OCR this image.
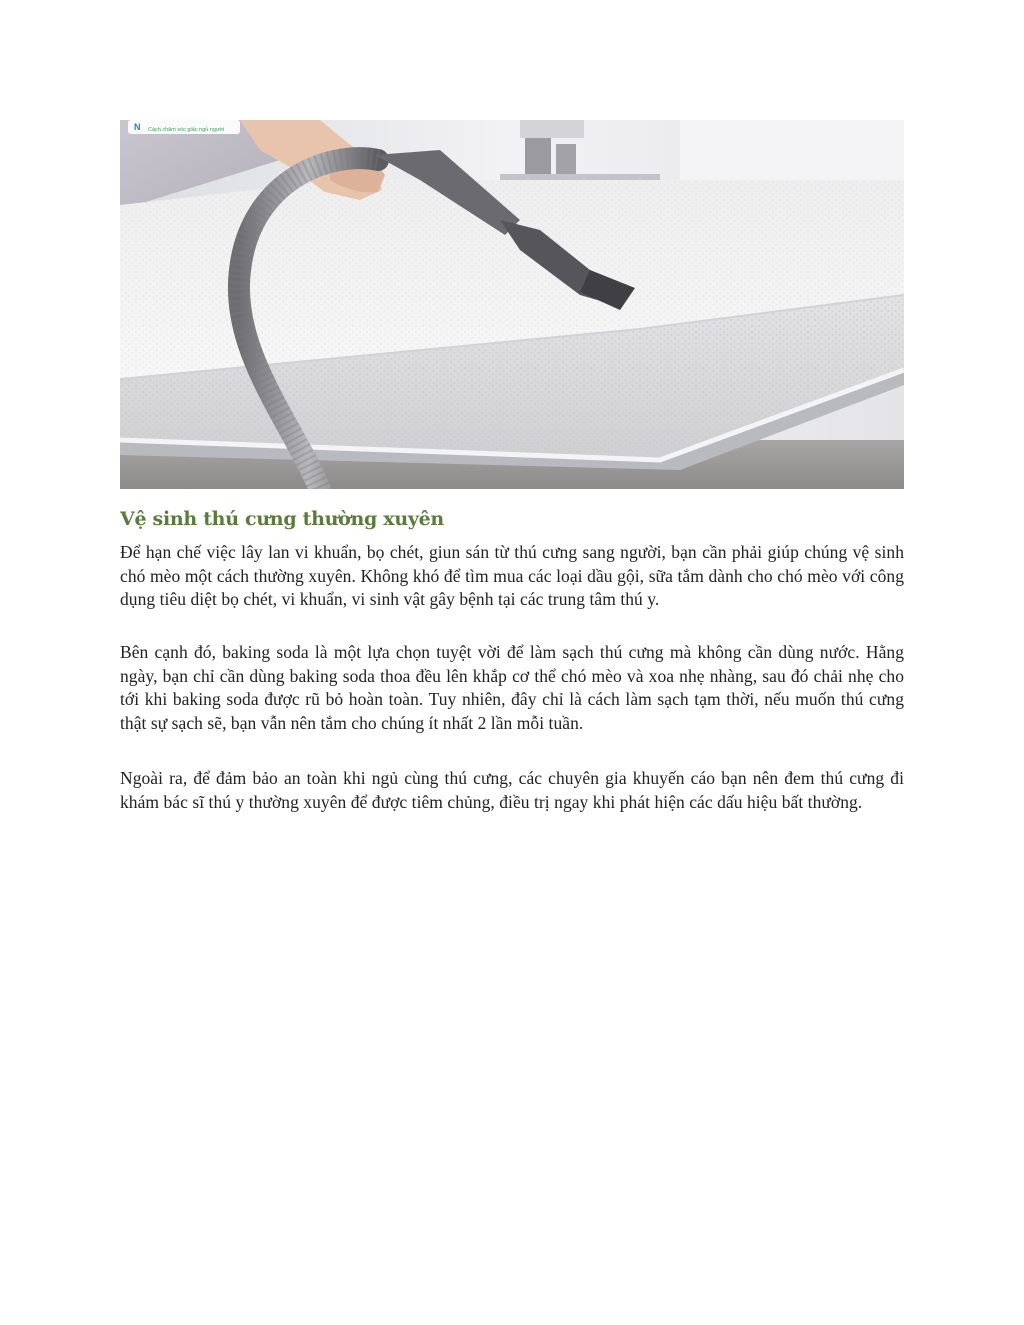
N Cách chăm sóc giấc ngủ người
Vệ sinh thú cưng thường xuyên

Để hạn chế việc lây lan vi khuẩn, bọ chét, giun sán từ thú cưng sang người, bạn cần phải giúp chúng vệ sinh chó mèo một cách thường xuyên. Không khó để tìm mua các loại dầu gội, sữa tắm dành cho chó mèo với công dụng tiêu diệt bọ chét, vi khuẩn, vi sinh vật gây bệnh tại các trung tâm thú y.

Bên cạnh đó, baking soda là một lựa chọn tuyệt vời để làm sạch thú cưng mà không cần dùng nước. Hằng ngày, bạn chỉ cần dùng baking soda thoa đều lên khắp cơ thể chó mèo và xoa nhẹ nhàng, sau đó chải nhẹ cho tới khi baking soda được rũ bỏ hoàn toàn. Tuy nhiên, đây chỉ là cách làm sạch tạm thời, nếu muốn thú cưng thật sự sạch sẽ, bạn vẫn nên tắm cho chúng ít nhất 2 lần mỗi tuần.

Ngoài ra, để đảm bảo an toàn khi ngủ cùng thú cưng, các chuyên gia khuyến cáo bạn nên đem thú cưng đi khám bác sĩ thú y thường xuyên để được tiêm chủng, điều trị ngay khi phát hiện các dấu hiệu bất thường.
